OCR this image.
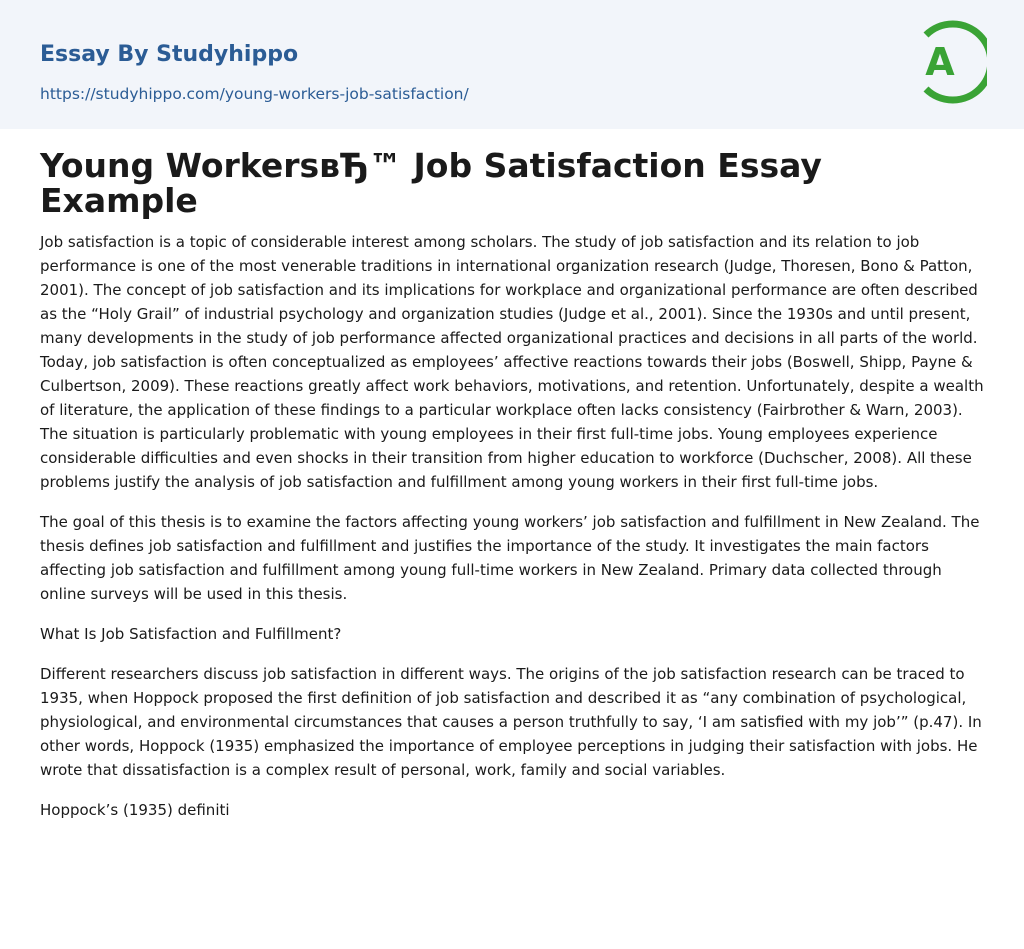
Essay By Studyhippo
https://studyhippo.com/young-workers-job-satisfaction/
A
Young WorkersвЂ™ Job Satisfaction Essay Example

Job satisfaction is a topic of considerable interest among scholars. The study of job satisfaction and its relation to job performance is one of the most venerable traditions in international organization research (Judge, Thoresen, Bono & Patton, 2001). The concept of job satisfaction and its implications for workplace and organizational performance are often described as the “Holy Grail” of industrial psychology and organization studies (Judge et al., 2001). Since the 1930s and until present, many developments in the study of job performance affected organizational practices and decisions in all parts of the world. Today, job satisfaction is often conceptualized as employees’ affective reactions towards their jobs (Boswell, Shipp, Payne & Culbertson, 2009). These reactions greatly affect work behaviors, motivations, and retention. Unfortunately, despite a wealth of literature, the application of these findings to a particular workplace often lacks consistency (Fairbrother & Warn, 2003). The situation is particularly problematic with young employees in their first full-time jobs. Young employees experience considerable difficulties and even shocks in their transition from higher education to workforce (Duchscher, 2008). All these problems justify the analysis of job satisfaction and fulfillment among young workers in their first full-time jobs.

The goal of this thesis is to examine the factors affecting young workers’ job satisfaction and fulfillment in New Zealand. The thesis defines job satisfaction and fulfillment and justifies the importance of the study. It investigates the main factors affecting job satisfaction and fulfillment among young full-time workers in New Zealand. Primary data collected through online surveys will be used in this thesis.

What Is Job Satisfaction and Fulfillment?

Different researchers discuss job satisfaction in different ways. The origins of the job satisfaction research can be traced to 1935, when Hoppock proposed the first definition of job satisfaction and described it as “any combination of psychological, physiological, and environmental circumstances that causes a person truthfully to say, ‘I am satisfied with my job’” (p.47). In other words, Hoppock (1935) emphasized the importance of employee perceptions in judging their satisfaction with jobs. He wrote that dissatisfaction is a complex result of personal, work, family and social variables.

Hoppock’s (1935) definiti
